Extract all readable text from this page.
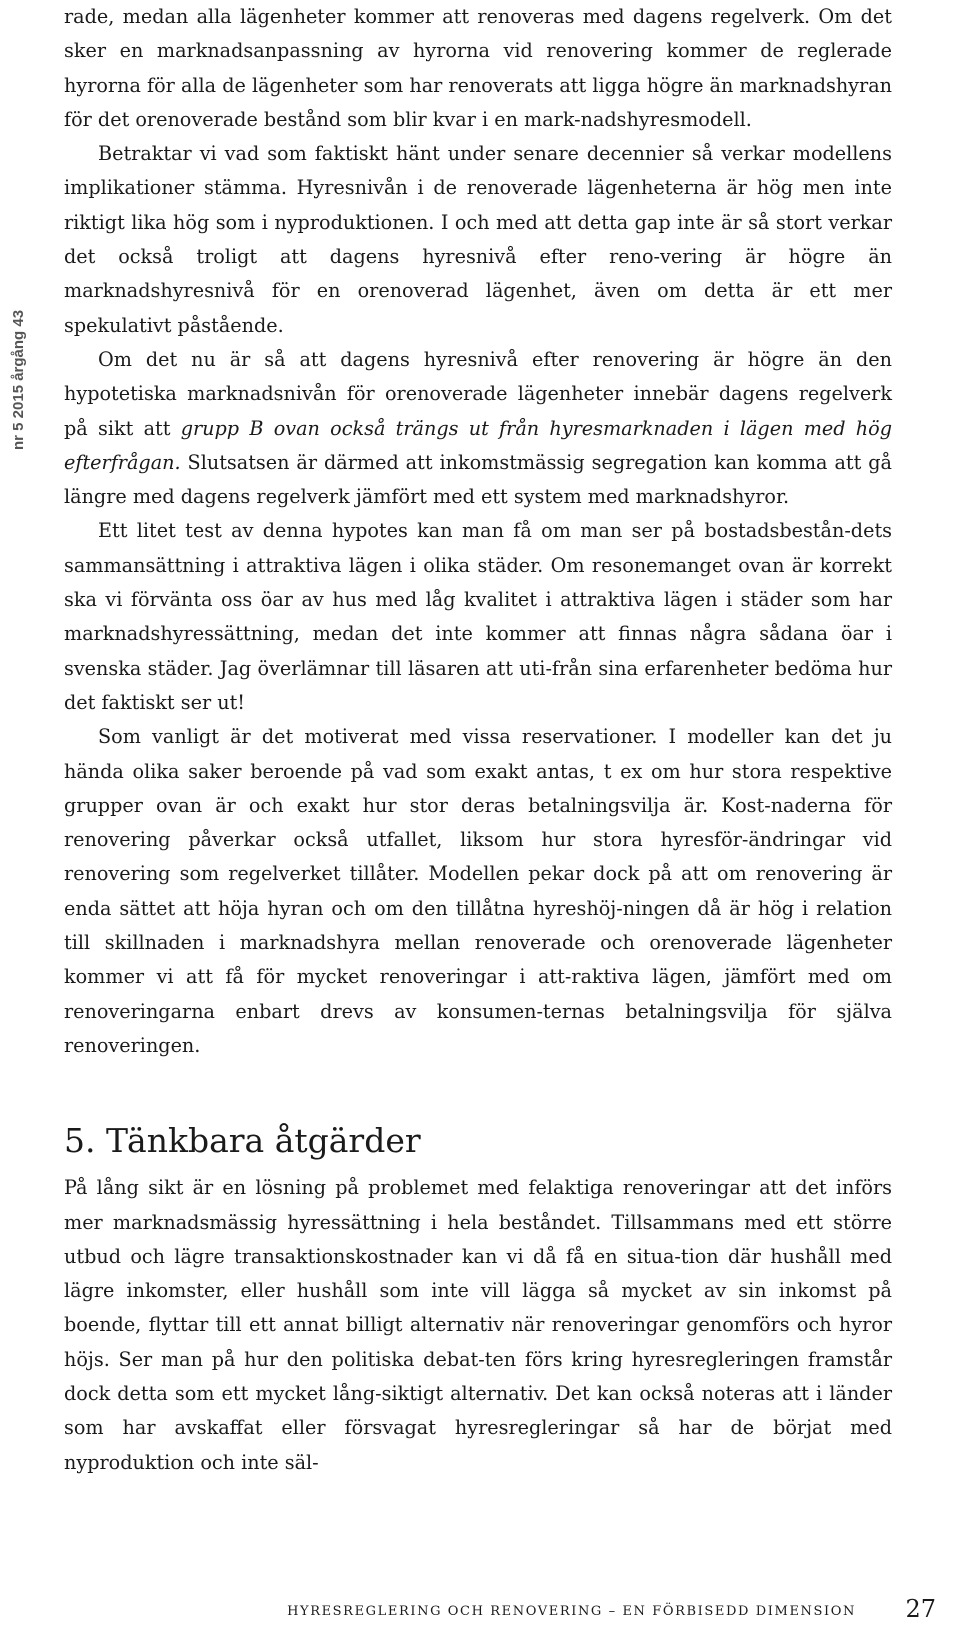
nr 5 2015 årgång 43

rade, medan alla lägenheter kommer att renoveras med dagens regelverk. Om det sker en marknadsanpassning av hyrorna vid renovering kommer de reglerade hyrorna för alla de lägenheter som har renoverats att ligga högre än marknadshyran för det orenoverade bestånd som blir kvar i en mark-nadshyresmodell.

Betraktar vi vad som faktiskt hänt under senare decennier så verkar modellens implikationer stämma. Hyresnivån i de renoverade lägenheterna är hög men inte riktigt lika hög som i nyproduktionen. I och med att detta gap inte är så stort verkar det också troligt att dagens hyresnivå efter reno-vering är högre än marknadshyresnivå för en orenoverad lägenhet, även om detta är ett mer spekulativt påstående.

Om det nu är så att dagens hyresnivå efter renovering är högre än den hypotetiska marknadsnivån för orenoverade lägenheter innebär dagens regelverk på sikt att grupp B ovan också trängs ut från hyresmarknaden i lägen med hög efterfrågan. Slutsatsen är därmed att inkomstmässig segregation kan komma att gå längre med dagens regelverk jämfört med ett system med marknadshyror.

Ett litet test av denna hypotes kan man få om man ser på bostadsbestån-dets sammansättning i attraktiva lägen i olika städer. Om resonemanget ovan är korrekt ska vi förvänta oss öar av hus med låg kvalitet i attraktiva lägen i städer som har marknadshyressättning, medan det inte kommer att finnas några sådana öar i svenska städer. Jag överlämnar till läsaren att uti-från sina erfarenheter bedöma hur det faktiskt ser ut!

Som vanligt är det motiverat med vissa reservationer. I modeller kan det ju hända olika saker beroende på vad som exakt antas, t ex om hur stora respektive grupper ovan är och exakt hur stor deras betalningsvilja är. Kost-naderna för renovering påverkar också utfallet, liksom hur stora hyresför-ändringar vid renovering som regelverket tillåter. Modellen pekar dock på att om renovering är enda sättet att höja hyran och om den tillåtna hyreshöj-ningen då är hög i relation till skillnaden i marknadshyra mellan renoverade och orenoverade lägenheter kommer vi att få för mycket renoveringar i att-raktiva lägen, jämfört med om renoveringarna enbart drevs av konsumen-ternas betalningsvilja för själva renoveringen.

5. Tänkbara åtgärder

På lång sikt är en lösning på problemet med felaktiga renoveringar att det införs mer marknadsmässig hyressättning i hela beståndet. Tillsammans med ett större utbud och lägre transaktionskostnader kan vi då få en situa-tion där hushåll med lägre inkomster, eller hushåll som inte vill lägga så mycket av sin inkomst på boende, flyttar till ett annat billigt alternativ när renoveringar genomförs och hyror höjs. Ser man på hur den politiska debat-ten förs kring hyresregleringen framstår dock detta som ett mycket lång-siktigt alternativ. Det kan också noteras att i länder som har avskaffat eller försvagat hyresregleringar så har de börjat med nyproduktion och inte säl-

HYRESREGLERING OCH RENOVERING – EN FÖRBISEDD DIMENSION 27
